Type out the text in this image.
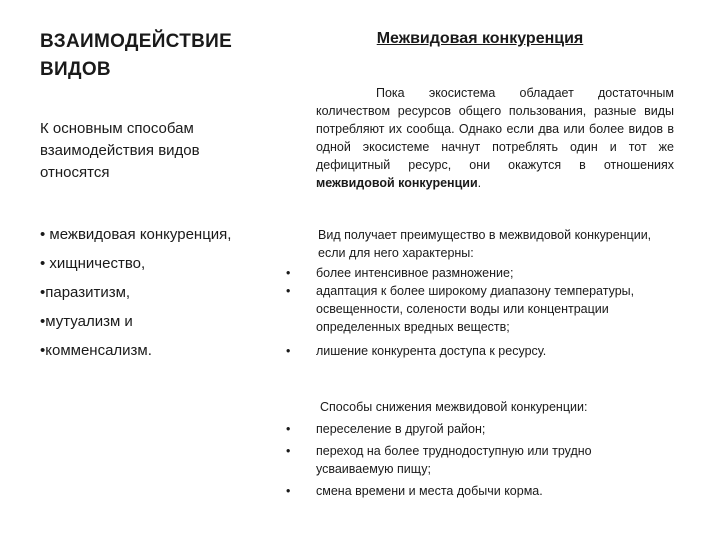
ВЗАИМОДЕЙСТВИЕ ВИДОВ
К основным способам взаимодействия видов относятся
• межвидовая конкуренция,
• хищничество,
•паразитизм,
•мутуализм и
•комменсализм.
Межвидовая конкуренция
Пока экосистема обладает достаточным количеством ресурсов общего пользования, разные виды потребляют их сообща. Однако если два или более видов в одной экосистеме начнут потреблять один и тот же дефицитный ресурс, они окажутся в отношениях межвидовой конкуренции.
Вид получает преимущество в межвидовой конкуренции, если для него характерны:
• более интенсивное размножение;
• адаптация к более широкому диапазону температуры, освещенности, солености воды или концентрации определенных вредных веществ;
• лишение конкурента доступа к ресурсу.
Способы снижения межвидовой конкуренции:
• переселение в другой район;
• переход на более труднодоступную или трудно усваиваемую пищу;
• смена времени и места добычи корма.
